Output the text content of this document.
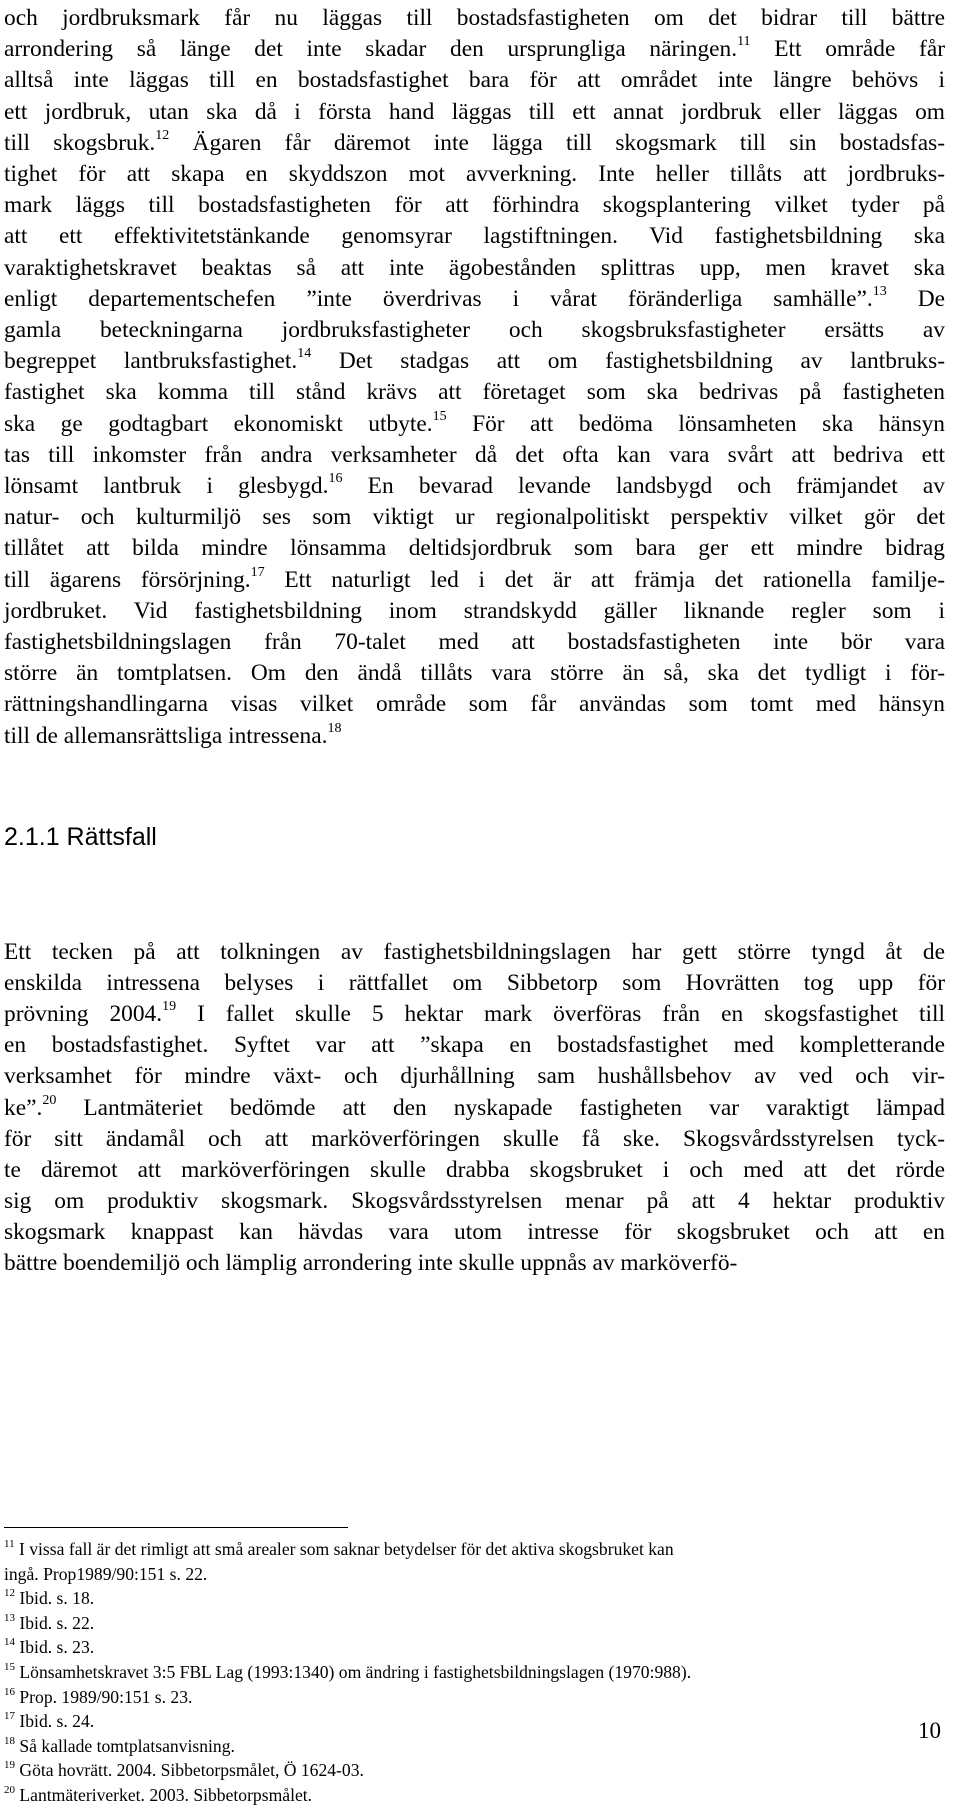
och jordbruksmark får nu läggas till bostadsfastigheten om det bidrar till bättre
arrondering så länge det inte skadar den ursprungliga näringen.$^{11}$ Ett område får
alltså inte läggas till en bostadsfastighet bara för att området inte längre behövs i
ett jordbruk, utan ska då i första hand läggas till ett annat jordbruk eller läggas om
till skogsbruk.$^{12}$ Ägaren får däremot inte lägga till skogsmark till sin bostadsfas-
tighet för att skapa en skyddszon mot avverkning. Inte heller tillåts att jordbruks-
mark läggs till bostadsfastigheten för att förhindra skogsplantering vilket tyder på
att ett effektivitetstänkande genomsyrar lagstiftningen. Vid fastighetsbildning ska
varaktighetskravet beaktas så att inte ägobestånden splittras upp, men kravet ska
enligt departementschefen ”inte överdrivas i vårat föränderliga samhälle”.$^{13}$ De
gamla beteckningarna jordbruksfastigheter och skogsbruksfastigheter ersätts av
begreppet lantbruksfastighet.$^{14}$ Det stadgas att om fastighetsbildning av lantbruks-
fastighet ska komma till stånd krävs att företaget som ska bedrivas på fastigheten
ska ge godtagbart ekonomiskt utbyte.$^{15}$ För att bedöma lönsamheten ska hänsyn
tas till inkomster från andra verksamheter då det ofta kan vara svårt att bedriva ett
lönsamt lantbruk i glesbygd.$^{16}$ En bevarad levande landsbygd och främjandet av
natur- och kulturmiljö ses som viktigt ur regionalpolitiskt perspektiv vilket gör det
tillåtet att bilda mindre lönsamma deltidsjordbruk som bara ger ett mindre bidrag
till ägarens försörjning.$^{17}$ Ett naturligt led i det är att främja det rationella familje-
jordbruket. Vid fastighetsbildning inom strandskydd gäller liknande regler som i
fastighetsbildningslagen från 70-talet med att bostadsfastigheten inte bör vara
större än tomtplatsen. Om den ändå tillåts vara större än så, ska det tydligt i för-
rättningshandlingarna visas vilket område som får användas som tomt med hänsyn
till de allemansrättsliga intressena.$^{18}$
2.1.1 Rättsfall
Ett tecken på att tolkningen av fastighetsbildningslagen har gett större tyngd åt de
enskilda intressena belyses i rättfallet om Sibbetorp som Hovrätten tog upp för
prövning 2004.19 I fallet skulle 5 hektar mark överföras från en skogsfastighet till
en bostadsfastighet. Syftet var att ”skapa en bostadsfastighet med kompletterande
verksamhet för mindre växt- och djurhållning sam hushållsbehov av ved och vir-
ke”.$^{20}$ Lantmäteriet bedömde att den nyskapade fastigheten var varaktigt lämpad
för sitt ändamål och att marköverföringen skulle få ske. Skogsvårdsstyrelsen tyck-
te däremot att marköverföringen skulle drabba skogsbruket i och med att det rörde
sig om produktiv skogsmark. Skogsvårdsstyrelsen menar på att 4 hektar produktiv
skogsmark knappast kan hävdas vara utom intresse för skogsbruket och att en
bättre boendemiljö och lämplig arrondering inte skulle uppnås av marköverfö-
$^{11}$ I vissa fall är det rimligt att små arealer som saknar betydelser för det aktiva skogsbruket kan
ingå. Prop1989/90:151 s. 22.
$^{12}$ Ibid. s. 18.
$^{13}$ Ibid. s. 22.
$^{14}$ Ibid. s. 23.
$^{15}$ Lönsamhetskravet 3:5 FBL Lag (1993:1340) om ändring i fastighetsbildningslagen (1970:988).
$^{16}$ Prop. 1989/90:151 s. 23.
$^{17}$ Ibid. s. 24.
$^{18}$ Så kallade tomtplatsanvisning.
$^{19}$ Göta hovrätt. 2004. Sibbetorpsmålet, Ö 1624-03.
$^{20}$ Lantmäteriverket. 2003. Sibbetorpsmålet.
10
